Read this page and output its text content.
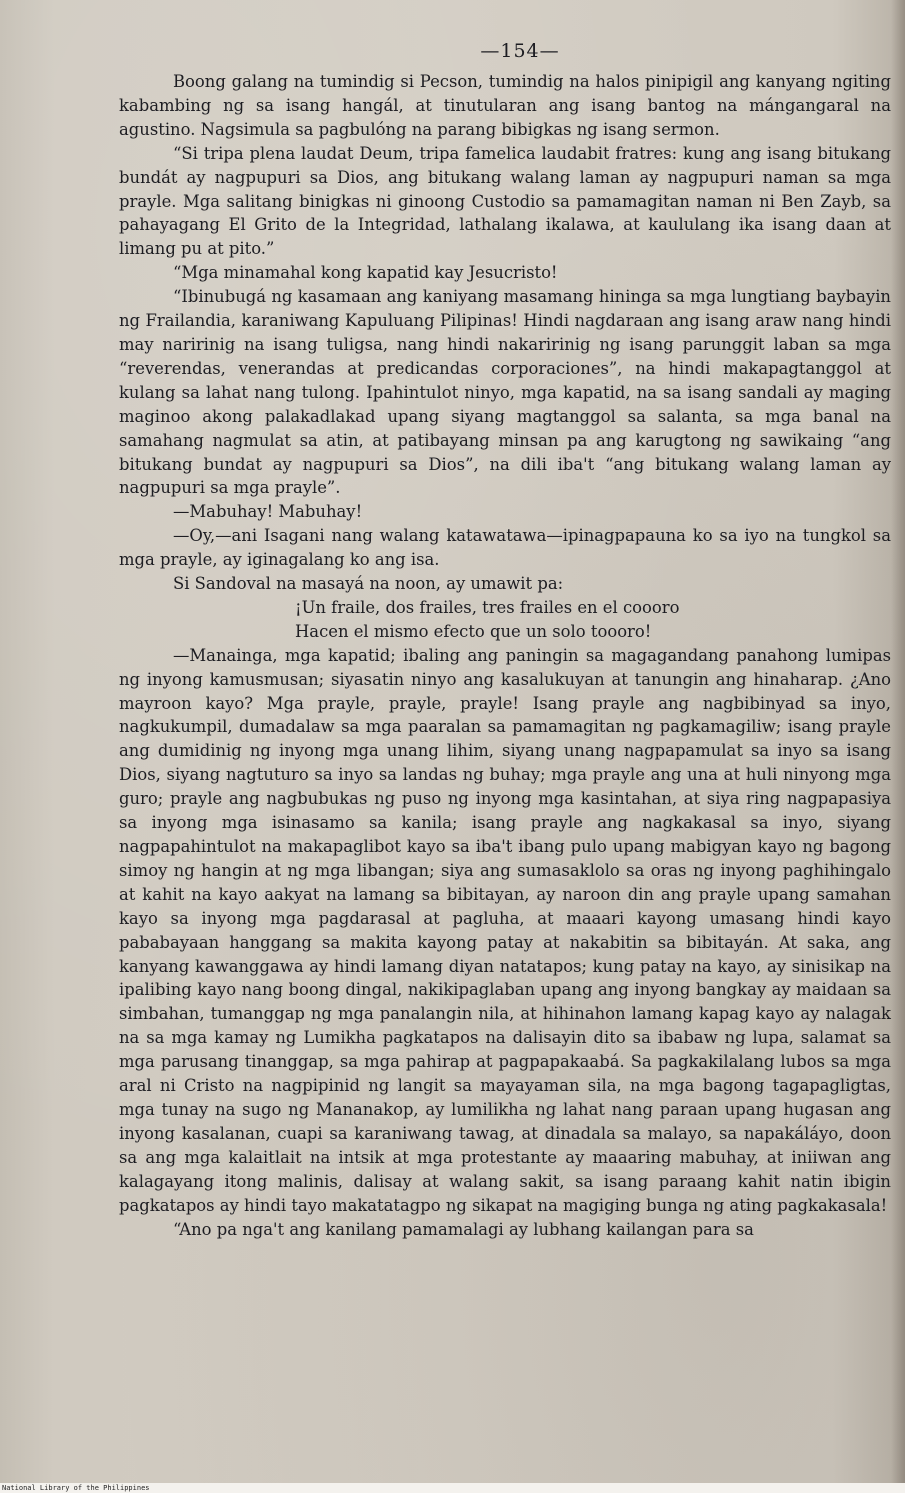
—154—

Boong galang na tumindig si Pecson, tumindig na halos pinipigil ang kanyang ngiting kabambing ng sa isang hangál, at tinutularan ang isang bantog na mángangaral na agustino. Nagsimula sa pagbulóng na parang bibigkas ng isang sermon.

“Si tripa plena laudat Deum, tripa famelica laudabit fratres: kung ang isang bitukang bundát ay nagpupuri sa Dios, ang bitukang walang laman ay nagpupuri naman sa mga prayle. Mga salitang binigkas ni ginoong Custodio sa pamamagitan naman ni Ben Zayb, sa pahayagang El Grito de la Integridad, lathalang ikalawa, at kaululang ika isang daan at limang pu at pito.”

“Mga minamahal kong kapatid kay Jesucristo!

“Ibinubugá ng kasamaan ang kaniyang masamang hininga sa mga lungtiang baybayin ng Frailandia, karaniwang Kapuluang Pilipinas! Hindi nagdaraan ang isang araw nang hindi may naririnig na isang tuligsa, nang hindi nakaririnig ng isang parunggit laban sa mga “reverendas, venerandas at predicandas corporaciones”, na hindi makapagtanggol at kulang sa lahat nang tulong. Ipahintulot ninyo, mga kapatid, na sa isang sandali ay maging maginoo akong palakadlakad upang siyang magtanggol sa salanta, sa mga banal na samahang nagmulat sa atin, at patibayang minsan pa ang karugtong ng sawikaing “ang bitukang bundat ay nagpupuri sa Dios”, na dili iba't “ang bitukang walang laman ay nagpupuri sa mga prayle”.

—Mabuhay! Mabuhay!

—Oy,—ani Isagani nang walang katawatawa—ipinagpapauna ko sa iyo na tungkol sa mga prayle, ay iginagalang ko ang isa.

Si Sandoval na masayá na noon, ay umawit pa:

¡Un fraile, dos frailes, tres frailes en el coooro

Hacen el mismo efecto que un solo toooro!

—Manainga, mga kapatid; ibaling ang paningin sa magagandang panahong lumipas ng inyong kamusmusan; siyasatin ninyo ang kasalukuyan at tanungin ang hinaharap. ¿Ano mayroon kayo? Mga prayle, prayle, prayle! Isang prayle ang nagbibinyad sa inyo, nagkukumpil, dumadalaw sa mga paaralan sa pamamagitan ng pagkamagiliw; isang prayle ang dumidinig ng inyong mga unang lihim, siyang unang nagpapamulat sa inyo sa isang Dios, siyang nagtuturo sa inyo sa landas ng buhay; mga prayle ang una at huli ninyong mga guro; prayle ang nagbubukas ng puso ng inyong mga kasintahan, at siya ring nagpapasiya sa inyong mga isinasamo sa kanila; isang prayle ang nagkakasal sa inyo, siyang nagpapahintulot na makapaglibot kayo sa iba't ibang pulo upang mabigyan kayo ng bagong simoy ng hangin at ng mga libangan; siya ang sumasaklolo sa oras ng inyong paghihingalo at kahit na kayo aakyat na lamang sa bibitayan, ay naroon din ang prayle upang samahan kayo sa inyong mga pagdarasal at pagluha, at maaari kayong umasang hindi kayo pababayaan hanggang sa makita kayong patay at nakabitin sa bibitayán. At saka, ang kanyang kawanggawa ay hindi lamang diyan natatapos; kung patay na kayo, ay sinisikap na ipalibing kayo nang boong dingal, nakikipaglaban upang ang inyong bangkay ay maidaan sa simbahan, tumanggap ng mga panalangin nila, at hihinahon lamang kapag kayo ay nalagak na sa mga kamay ng Lumikha pagkatapos na dalisayin dito sa ibabaw ng lupa, salamat sa mga parusang tinanggap, sa mga pahirap at pagpapakaabá. Sa pagkakilalang lubos sa mga aral ni Cristo na nagpipinid ng langit sa mayayaman sila, na mga bagong tagapagligtas, mga tunay na sugo ng Mananakop, ay lumilikha ng lahat nang paraan upang hugasan ang inyong kasalanan, cuapi sa karaniwang tawag, at dinadala sa malayo, sa napakáláyo, doon sa ang mga kalaitlait na intsik at mga protestante ay maaaring mabuhay, at iniiwan ang kalagayang itong malinis, dalisay at walang sakit, sa isang paraang kahit natin ibigin pagkatapos ay hindi tayo makatatagpo ng sikapat na magiging bunga ng ating pagkakasala!

“Ano pa nga't ang kanilang pamamalagi ay lubhang kailangan para sa

National Library of the Philippines
